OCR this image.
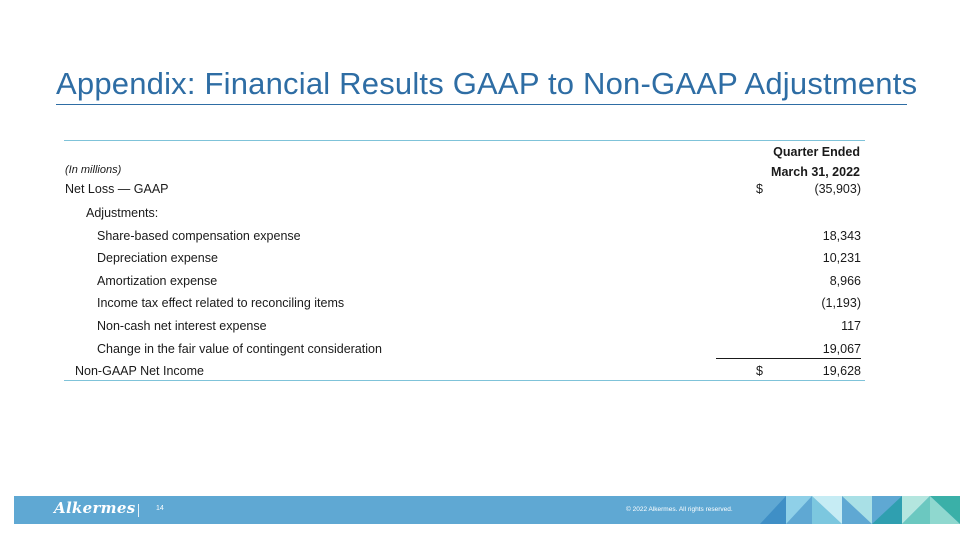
Appendix: Financial Results GAAP to Non-GAAP Adjustments
(In millions)
Quarter Ended
March 31, 2022
Net Loss — GAAP	$	(35,903)
Adjustments:
Share-based compensation expense	18,343
Depreciation expense	10,231
Amortization expense	8,966
Income tax effect related to reconciling items	(1,193)
Non-cash net interest expense	117
Change in the fair value of contingent consideration	19,067
Non-GAAP Net Income	$	19,628
Alkermes	14	© 2022 Alkermes. All rights reserved.
